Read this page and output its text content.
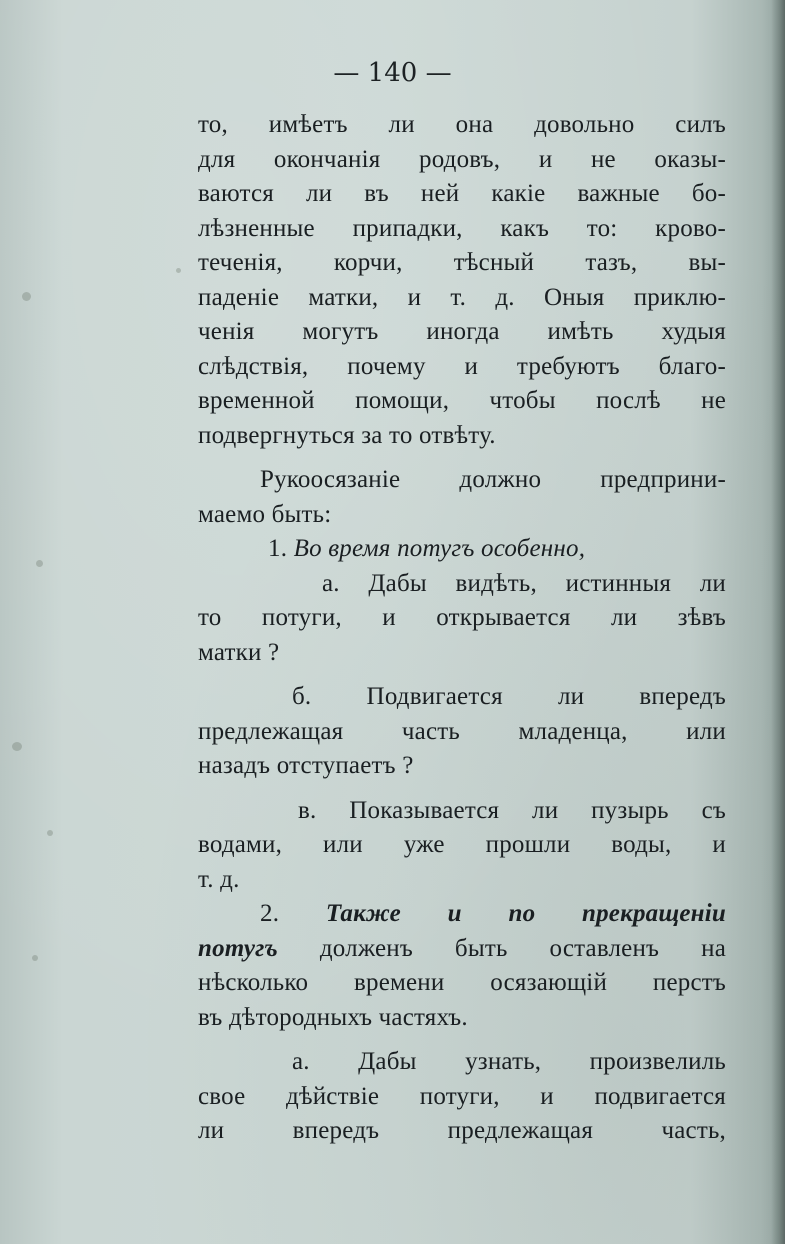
— 140 —
то, имѣетъ ли она довольно силъ
для окончанія родовъ, и не оказы-
ваются ли въ ней какіе важные бо-
лѣзненные припадки, какъ то: крово-
теченія, корчи, тѣсный тазъ, вы-
паденіе матки, и т. д. Оныя приклю-
ченія могутъ иногда имѣть худыя
слѣдствія, почему и требуютъ благо-
временной помощи, чтобы послѣ не
подвергнуться за то отвѣту.
Рукоосязаніе должно предприни-
маемо быть:
1. Во время потугъ особенно,
а. Дабы видѣть, истинныя ли
то потуги, и открывается ли зѣвъ
матки ?
б. Подвигается ли впередъ
предлежащая часть младенца, или
назадъ отступаетъ ?
в. Показывается ли пузырь съ
водами, или уже прошли воды, и
т. д.
2. Также и по прекращеніи
потугъ долженъ быть оставленъ на
нѣсколько времени осязающій перстъ
въ дѣтородныхъ частяхъ.
а. Дабы узнать, произвелиль
свое дѣйствіе потуги, и подвигается
ли впередъ предлежащая часть,
